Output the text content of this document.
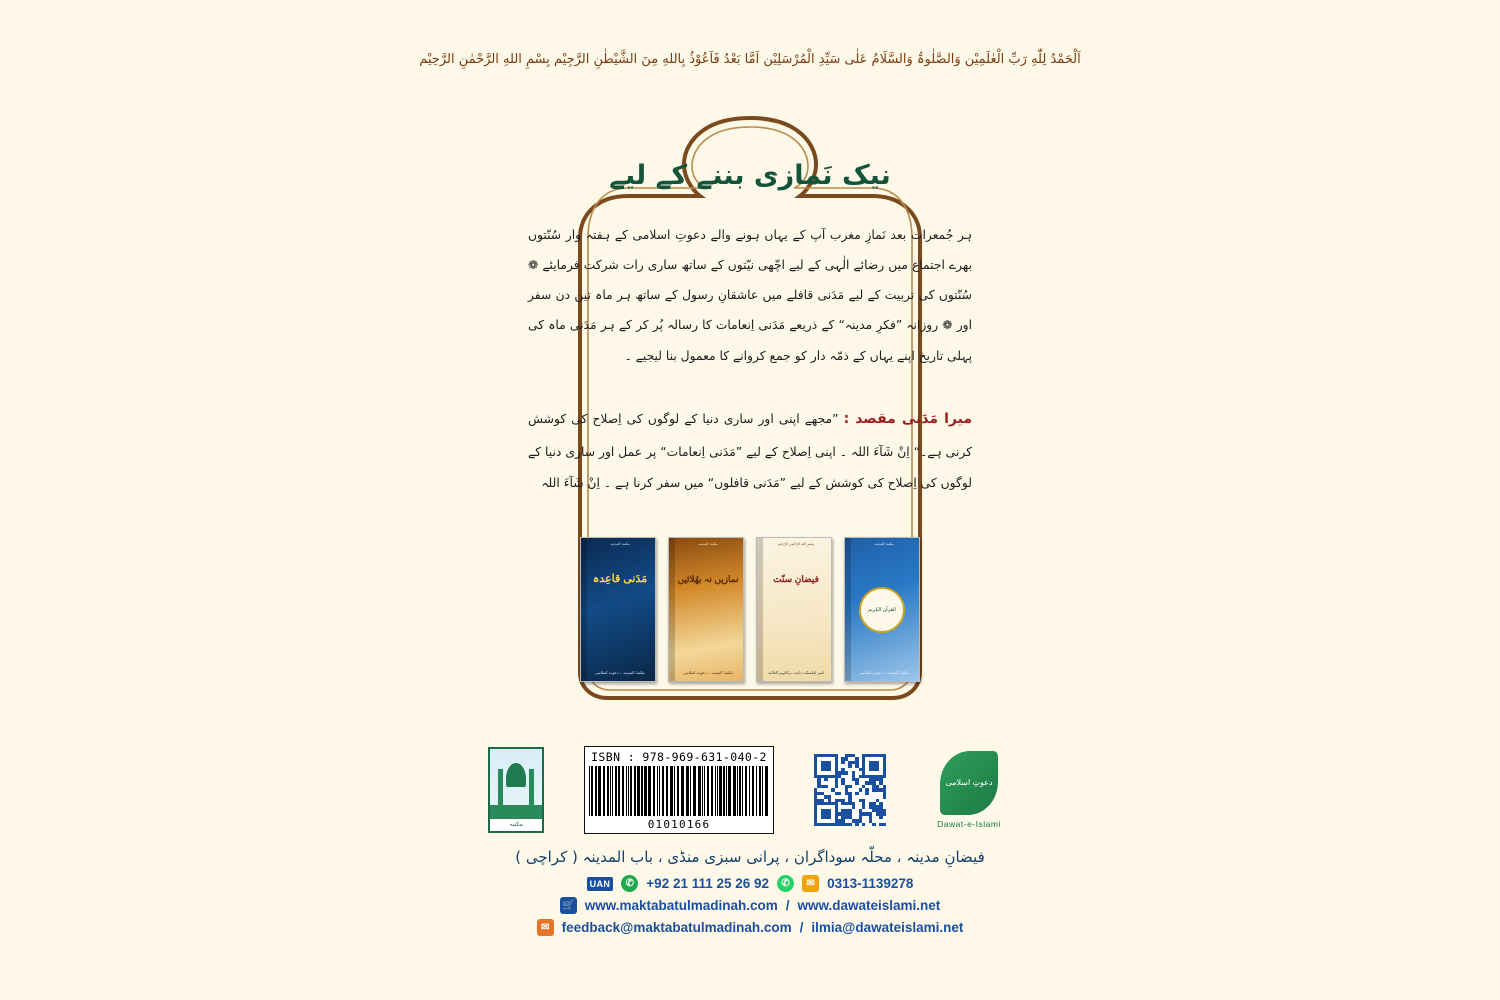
اَلْحَمْدُ لِلّٰهِ رَبِّ الْعٰلَمِیْن وَالصَّلٰوۃُ وَالسَّلَامُ عَلٰی سَیِّدِ الْمُرْسَلِیْن اَمَّا بَعْدُ فَاَعُوْذُ بِاللهِ مِنَ الشَّیْطٰنِ الرَّجِیْم بِسْمِ اللهِ الرَّحْمٰنِ الرَّحِیْم
نیک نَمازی بننے کے لیے
ہر جُمعرات بعد نَمازِ مغرب آپ کے یہاں ہونے والے دعوتِ اسلامی کے ہفتہ وار سُنّتوں بھرے اجتماع میں رضائے الٰہی کے لیے اچّھی نیّتوں کے ساتھ ساری رات شرکت فرمایئے ❁ سُنّتوں کی تربیت کے لیے مَدَنی قافلے میں عاشقانِ رسول کے ساتھ ہر ماہ تین دن سفر اور ❁ روزانہ ”فکرِ مدینہ“ کے ذریعے مَدَنی اِنعامات کا رسالہ پُر کر کے ہر مَدَنی ماہ کی پہلی تاریخ اپنے یہاں کے ذمّہ دار کو جمع کروانے کا معمول بنا لیجیے ۔
میرا مَدَنی مقصد : ”مجھے اپنی اور ساری دنیا کے لوگوں کی اِصلاح کی کوشش کرنی ہے۔“ اِنْ شَآءَ اللہ ۔ اپنی اِصلاح کے لیے ”مَدَنی اِنعامات“ پر عمل اور ساری دنیا کے لوگوں کی اِصلاح کی کوشش کے لیے ”مَدَنی قافلوں“ میں سفر کرنا ہے ۔ اِنْ شَآءَ اللہ
مکتبۃ المدینہ
مَدَنی قاعِدہ
مکتبۃ المدینہ ۔ دعوتِ اسلامی
مکتبۃ المدینہ
نمازیں نہ بھُلائیں
مکتبۃ المدینہ ۔ دعوتِ اسلامی
بِسْمِ اللهِ الرَّحْمٰنِ الرَّحِیْم
فیضانِ سنّت
امیرِ اہلسنّت دامت برکاتہم العالیہ
مکتبۃ المدینہ
القرآن الکریم
مکتبۃ المدینہ ۔ دعوتِ اسلامی
مکتبہ
ISBN : 978-969-631-040-2
01010166
دعوتِ اسلامی
Dawat-e-Islami
فیضانِ مدینہ ، محلّہ سوداگران ، پرانی سبزی منڈی ، باب المدینہ ( کراچی )
UAN	✆ +92 21 111 25 26 92	✆	✉ 0313-1139278
🛒 www.maktabatulmadinah.com / www.dawateislami.net
✉ feedback@maktabatulmadinah.com / ilmia@dawateislami.net
